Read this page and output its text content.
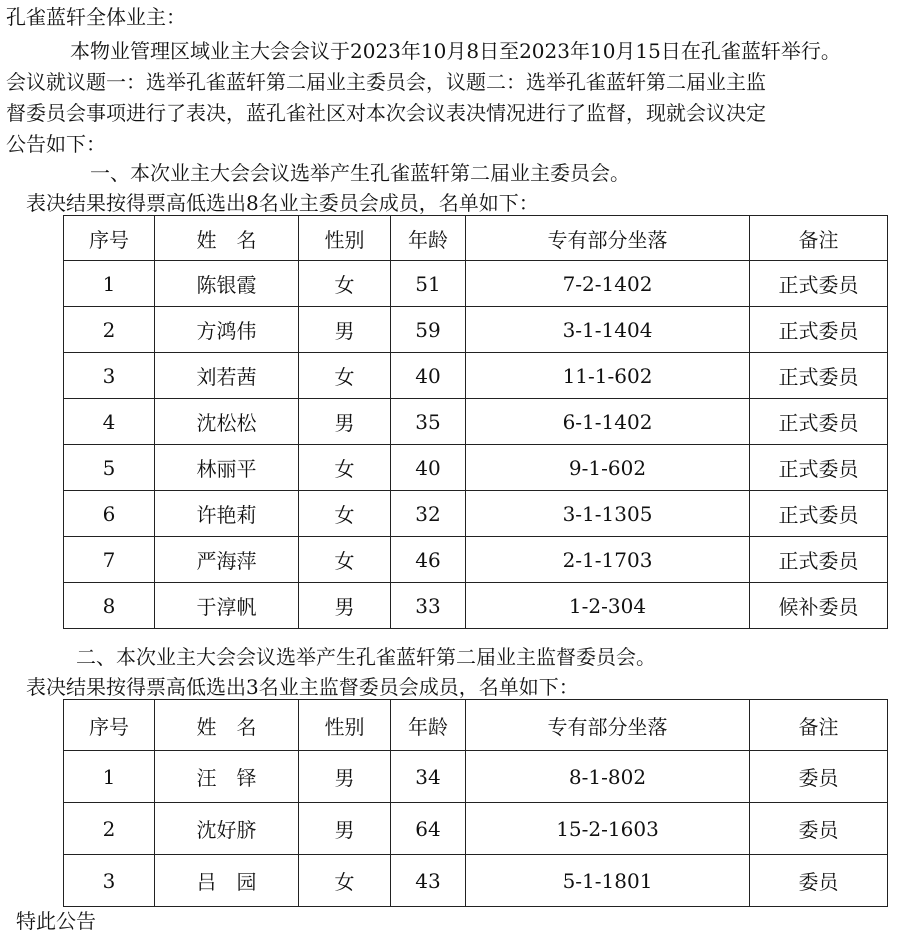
孔雀蓝轩全体业主：
本物业管理区域业主大会会议于2023年10月8日至2023年10月15日在孔雀蓝轩举行。
会议就议题一：选举孔雀蓝轩第二届业主委员会，议题二：选举孔雀蓝轩第二届业主监
督委员会事项进行了表决，蓝孔雀社区对本次会议表决情况进行了监督，现就会议决定
公告如下：
一、本次业主大会会议选举产生孔雀蓝轩第二届业主委员会。
表决结果按得票高低选出8名业主委员会成员，名单如下：
序号	姓　名	性别	年龄	专有部分坐落	备注
1	陈银霞	女	51	7-2-1402	正式委员
2	方鸿伟	男	59	3-1-1404	正式委员
3	刘若茜	女	40	11-1-602	正式委员
4	沈松松	男	35	6-1-1402	正式委员
5	林丽平	女	40	9-1-602	正式委员
6	许艳莉	女	32	3-1-1305	正式委员
7	严海萍	女	46	2-1-1703	正式委员
8	于淳帆	男	33	1-2-304	候补委员
二、本次业主大会会议选举产生孔雀蓝轩第二届业主监督委员会。
表决结果按得票高低选出3名业主监督委员会成员，名单如下：
序号	姓　名	性别	年龄	专有部分坐落	备注
1	汪　铎	男	34	8-1-802	委员
2	沈好脐	男	64	15-2-1603	委员
3	吕　园	女	43	5-1-1801	委员
特此公告
